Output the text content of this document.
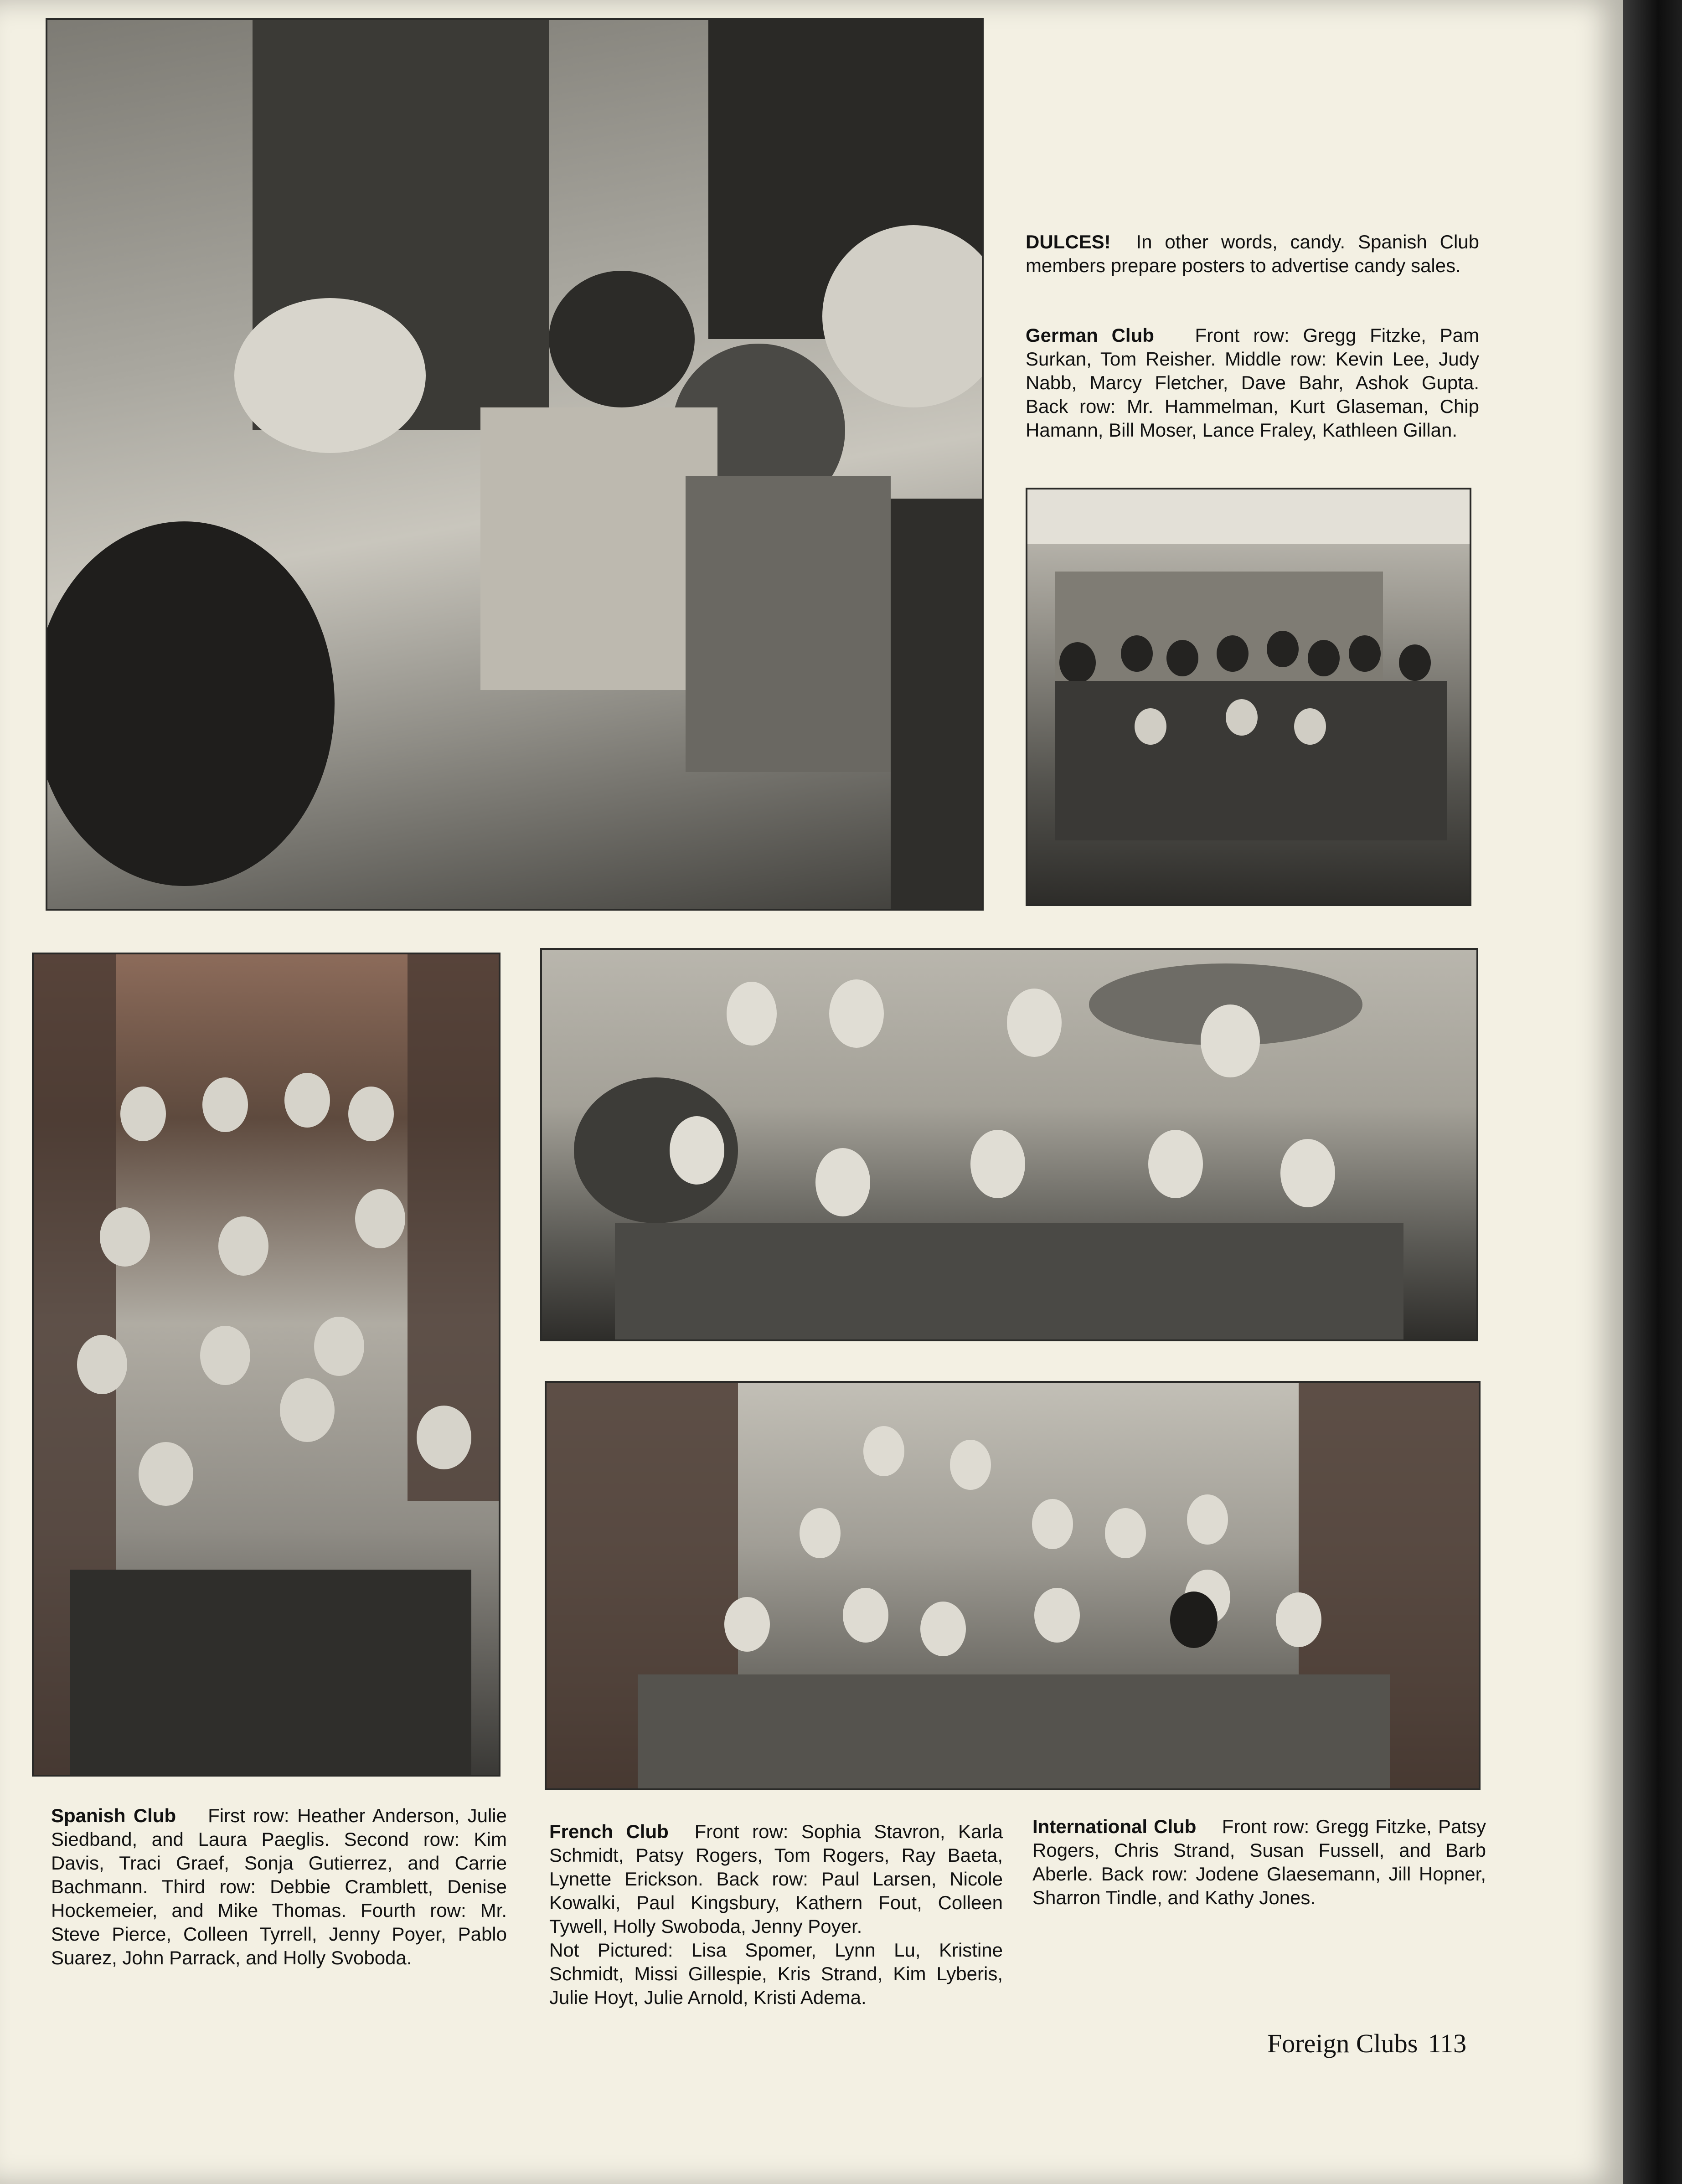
DULCES! In other words, candy. Spanish Club members prepare posters to advertise candy sales.
German Club Front row: Gregg Fitzke, Pam Surkan, Tom Reisher. Middle row: Kevin Lee, Judy Nabb, Marcy Fletcher, Dave Bahr, Ashok Gupta. Back row: Mr. Hammelman, Kurt Glaseman, Chip Hamann, Bill Moser, Lance Fraley, Kathleen Gillan.
Spanish Club First row: Heather Anderson, Julie Siedband, and Laura Paeglis. Second row: Kim Davis, Traci Graef, Sonja Gutierrez, and Carrie Bachmann. Third row: Debbie Cramblett, Denise Hockemeier, and Mike Thomas. Fourth row: Mr. Steve Pierce, Colleen Tyrrell, Jenny Poyer, Pablo Suarez, John Parrack, and Holly Svoboda.
French Club Front row: Sophia Stavron, Karla Schmidt, Patsy Rogers, Tom Rogers, Ray Baeta, Lynette Erickson. Back row: Paul Larsen, Nicole Kowalki, Paul Kingsbury, Kathern Fout, Colleen Tywell, Holly Swoboda, Jenny Poyer.
Not Pictured: Lisa Spomer, Lynn Lu, Kristine Schmidt, Missi Gillespie, Kris Strand, Kim Lyberis, Julie Hoyt, Julie Arnold, Kristi Adema.
International Club Front row: Gregg Fitzke, Patsy Rogers, Chris Strand, Susan Fussell, and Barb Aberle. Back row: Jodene Glaesemann, Jill Hopner, Sharron Tindle, and Kathy Jones.
Foreign Clubs 113
